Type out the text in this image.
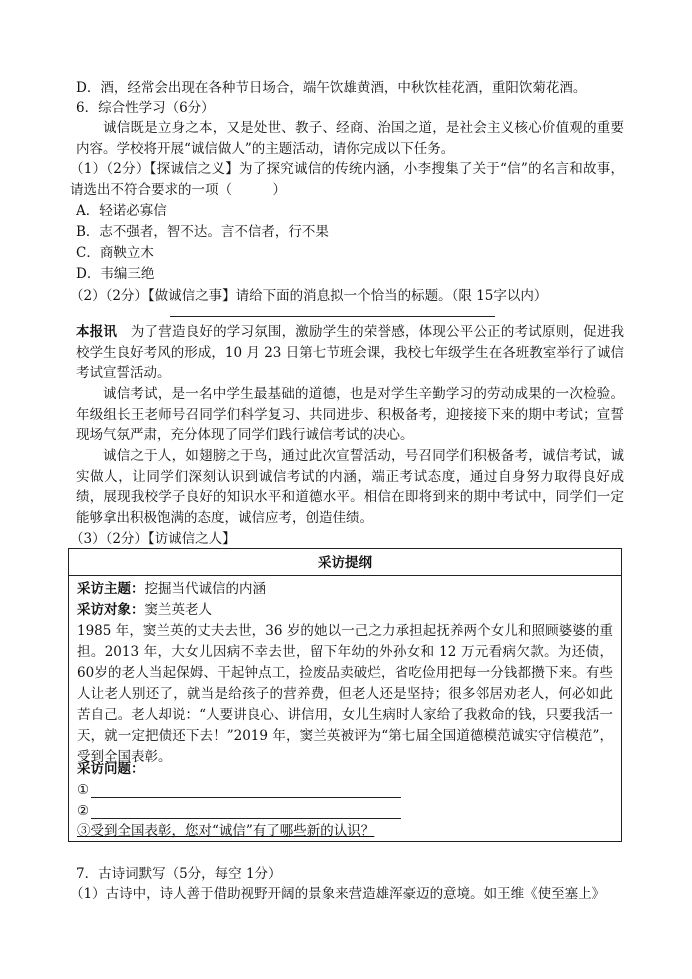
D．酒，经常会出现在各种节日场合，端午饮雄黄酒，中秋饮桂花酒，重阳饮菊花酒。
6．综合性学习（6分）
诚信既是立身之本，又是处世、教子、经商、治国之道，是社会主义核心价值观的重要内容。学校将开展“诚信做人”的主题活动，请你完成以下任务。
（1）（2分）【探诚信之义】为了探究诚信的传统内涵，小李搜集了关于“信”的名言和故事，请选出不符合要求的一项（　　　）
A．轻诺必寡信
B．志不强者，智不达。言不信者，行不果
C．商鞅立木
D．韦编三绝
（2）（2分）【做诚信之事】请给下面的消息拟一个恰当的标题。（限 15字以内）
本报讯　 为了营造良好的学习氛围，激励学生的荣誉感，体现公平公正的考试原则，促进我校学生良好考风的形成，10 月 23 日第七节班会课，我校七年级学生在各班教室举行了诚信考试宣誓活动。
诚信考试，是一名中学生最基础的道德，也是对学生辛勤学习的劳动成果的一次检验。年级组长王老师号召同学们科学复习、共同进步、积极备考，迎接接下来的期中考试；宣誓现场气氛严肃，充分体现了同学们践行诚信考试的决心。
诚信之于人，如翅膀之于鸟，通过此次宣誓活动，号召同学们积极备考，诚信考试，诚实做人，让同学们深刻认识到诚信考试的内涵，端正考试态度，通过自身努力取得良好成绩，展现我校学子良好的知识水平和道德水平。相信在即将到来的期中考试中，同学们一定能够拿出积极饱满的态度，诚信应考，创造佳绩。
（3）（2分）【访诚信之人】
采访提纲
采访主题：挖掘当代诚信的内涵
采访对象：窦兰英老人
1985 年，窦兰英的丈夫去世，36 岁的她以一己之力承担起抚养两个女儿和照顾婆婆的重担。2013 年，大女儿因病不幸去世，留下年幼的外孙女和 12 万元看病欠款。为还债，60岁的老人当起保姆、干起钟点工，捡废品卖破烂，省吃俭用把每一分钱都攒下来。有些人让老人别还了，就当是给孩子的营养费，但老人还是坚持；很多邻居劝老人，何必如此苦自己。老人却说：“人要讲良心、讲信用，女儿生病时人家给了我救命的钱，只要我活一天，就一定把债还下去！”2019 年，窦兰英被评为“第七届全国道德模范诚实守信模范”，受到全国表彰。
采访问题：
①
②
③受到全国表彰，您对“诚信”有了哪些新的认识？
7．古诗词默写（5分，每空 1分）
（1）古诗中，诗人善于借助视野开阔的景象来营造雄浑豪迈的意境。如王维《使至塞上》
